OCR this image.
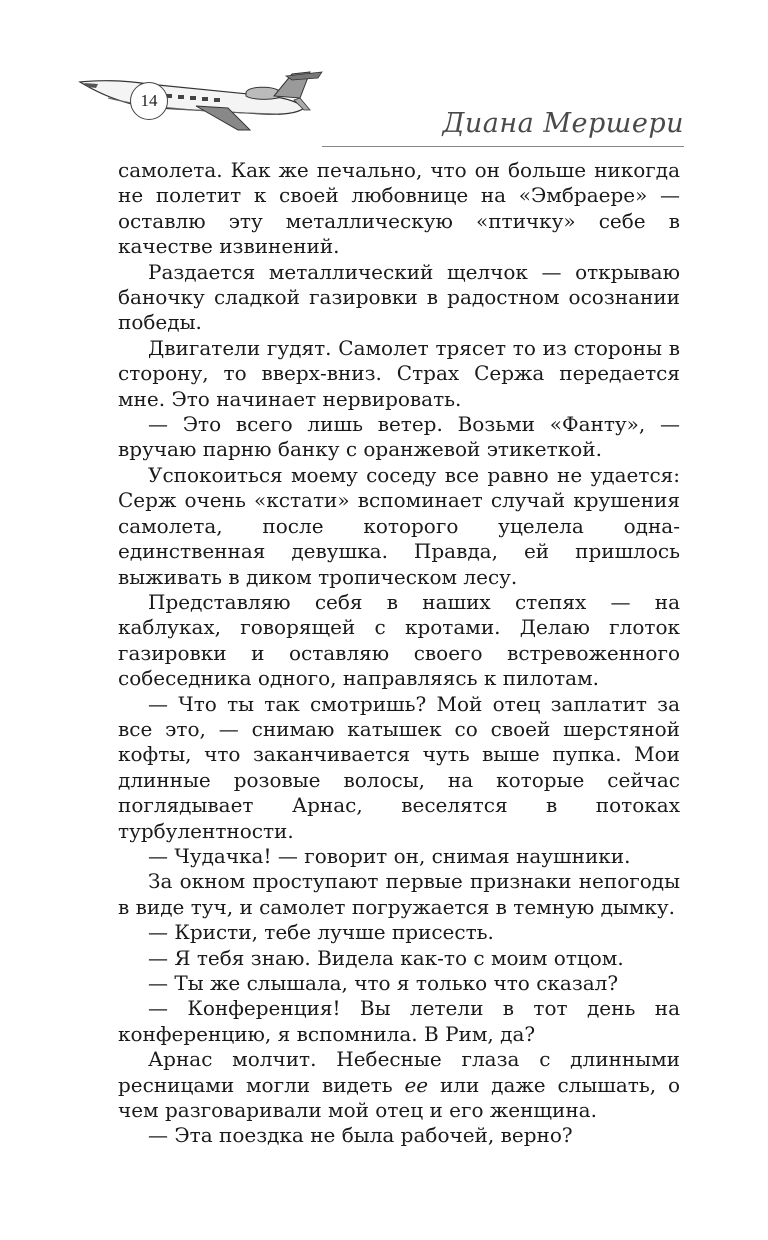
14
Диана Мершери

самолета. Как же печально, что он больше никогда не полетит к своей любовнице на «Эмбраере» — оставлю эту металлическую «птичку» себе в качестве извинений.

Раздается металлический щелчок — открываю баночку сладкой газировки в радостном осознании победы.

Двигатели гудят. Самолет трясет то из стороны в сторону, то вверх-вниз. Страх Сержа передается мне. Это начинает нервировать.

— Это всего лишь ветер. Возьми «Фанту», — вручаю парню банку с оранжевой этикеткой.

Успокоиться моему соседу все равно не удается: Серж очень «кстати» вспоминает случай крушения самолета, после которого уцелела одна-единственная девушка. Правда, ей пришлось выживать в диком тропическом лесу.

Представляю себя в наших степях — на каблуках, говорящей с кротами. Делаю глоток газировки и оставляю своего встревоженного собеседника одного, направляясь к пилотам.

— Что ты так смотришь? Мой отец заплатит за все это, — снимаю катышек со своей шерстяной кофты, что заканчивается чуть выше пупка. Мои длинные розовые волосы, на которые сейчас поглядывает Арнас, веселятся в потоках турбулентности.

— Чудачка! — говорит он, снимая наушники.

За окном проступают первые признаки непогоды в виде туч, и самолет погружается в темную дымку.

— Кристи, тебе лучше присесть.

— Я тебя знаю. Видела как-то с моим отцом.

— Ты же слышала, что я только что сказал?

— Конференция! Вы летели в тот день на конференцию, я вспомнила. В Рим, да?

Арнас молчит. Небесные глаза с длинными ресницами могли видеть ее или даже слышать, о чем разговаривали мой отец и его женщина.

— Эта поездка не была рабочей, верно?
